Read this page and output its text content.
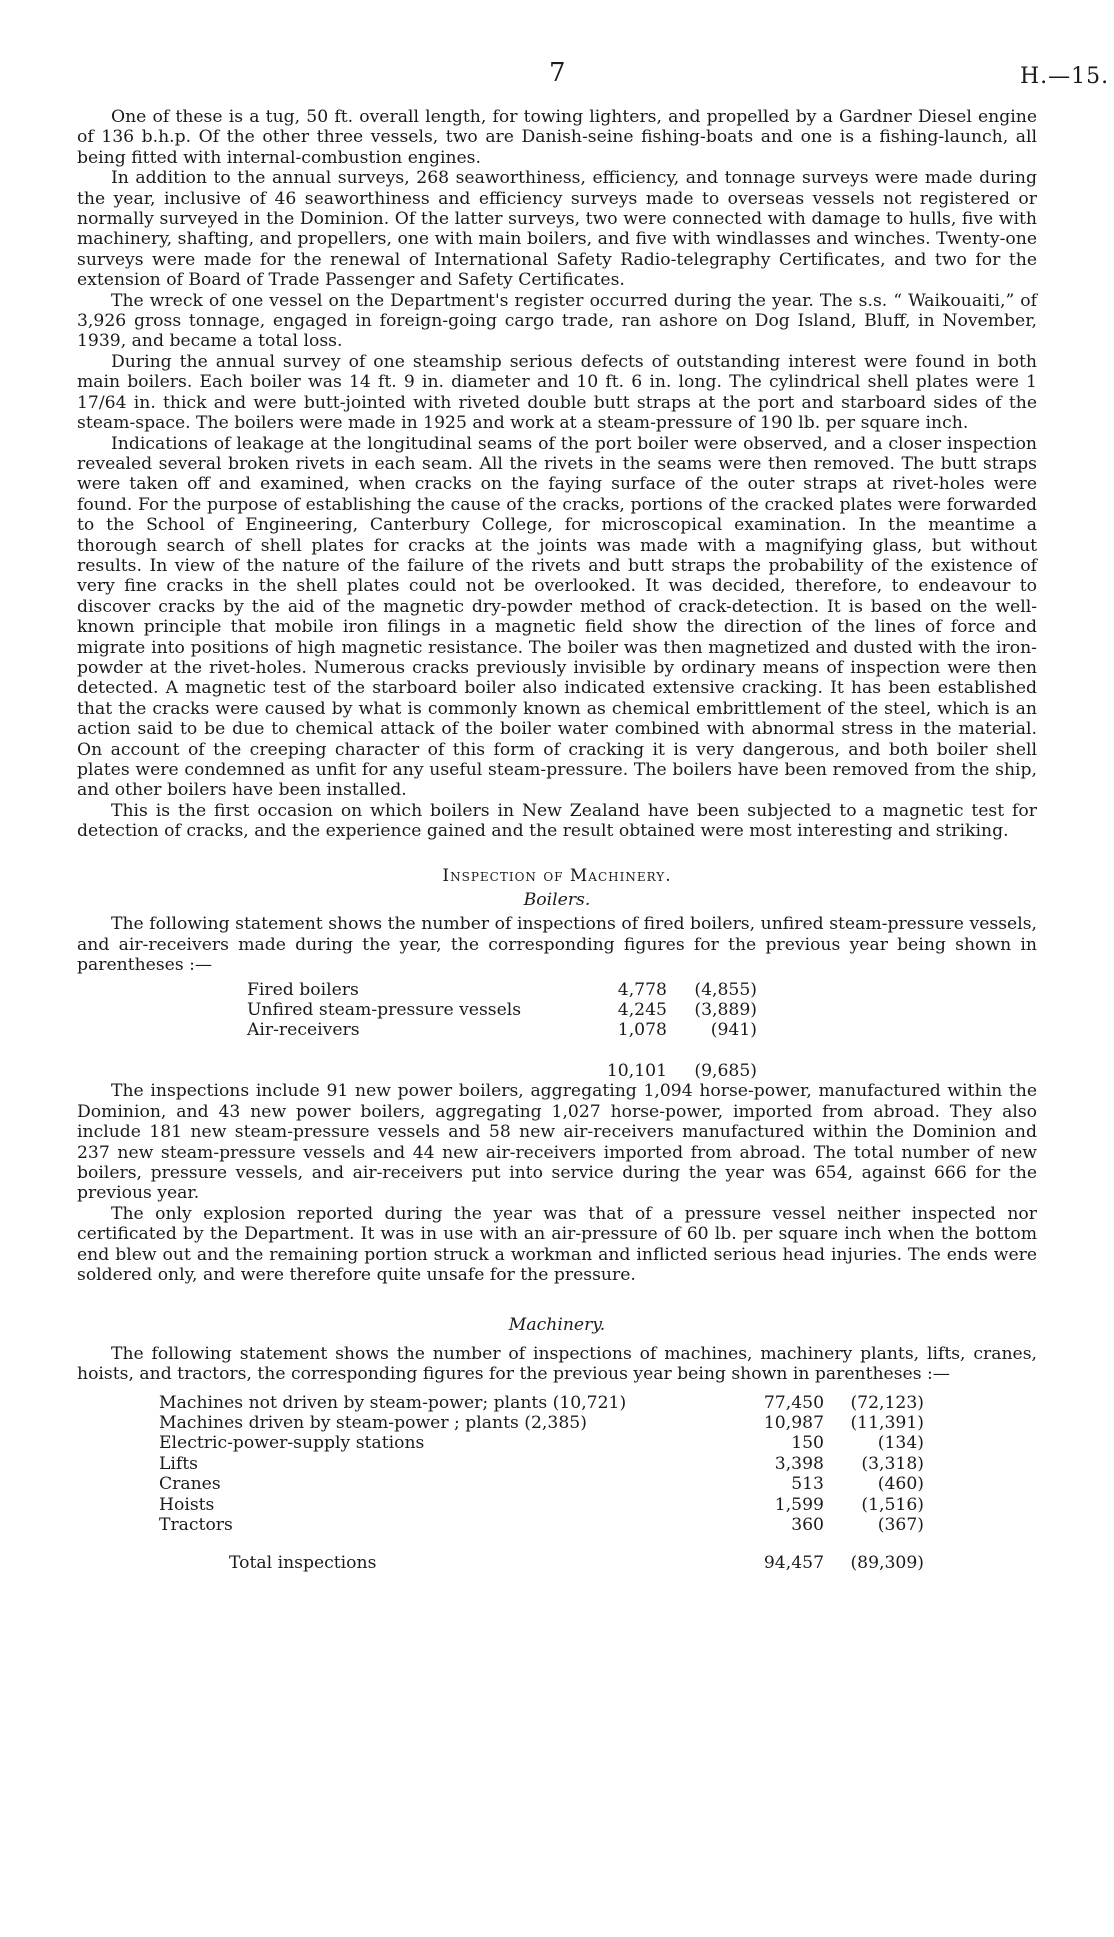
7	H.—15.

One of these is a tug, 50 ft. overall length, for towing lighters, and propelled by a Gardner Diesel engine of 136 b.h.p. Of the other three vessels, two are Danish-seine fishing-boats and one is a fishing-launch, all being fitted with internal-combustion engines.

In addition to the annual surveys, 268 seaworthiness, efficiency, and tonnage surveys were made during the year, inclusive of 46 seaworthiness and efficiency surveys made to overseas vessels not registered or normally surveyed in the Dominion. Of the latter surveys, two were connected with damage to hulls, five with machinery, shafting, and propellers, one with main boilers, and five with windlasses and winches. Twenty-one surveys were made for the renewal of International Safety Radio-telegraphy Certificates, and two for the extension of Board of Trade Passenger and Safety Certificates.

The wreck of one vessel on the Department's register occurred during the year. The s.s. “ Waikouaiti,” of 3,926 gross tonnage, engaged in foreign-going cargo trade, ran ashore on Dog Island, Bluff, in November, 1939, and became a total loss.

During the annual survey of one steamship serious defects of outstanding interest were found in both main boilers. Each boiler was 14 ft. 9 in. diameter and 10 ft. 6 in. long. The cylindrical shell plates were 1 17/64 in. thick and were butt-jointed with riveted double butt straps at the port and starboard sides of the steam-space. The boilers were made in 1925 and work at a steam-pressure of 190 lb. per square inch.

Indications of leakage at the longitudinal seams of the port boiler were observed, and a closer inspection revealed several broken rivets in each seam. All the rivets in the seams were then removed. The butt straps were taken off and examined, when cracks on the faying surface of the outer straps at rivet-holes were found. For the purpose of establishing the cause of the cracks, portions of the cracked plates were forwarded to the School of Engineering, Canterbury College, for microscopical examination. In the meantime a thorough search of shell plates for cracks at the joints was made with a magnifying glass, but without results. In view of the nature of the failure of the rivets and butt straps the probability of the existence of very fine cracks in the shell plates could not be overlooked. It was decided, therefore, to endeavour to discover cracks by the aid of the magnetic dry-powder method of crack-detection. It is based on the well-known principle that mobile iron filings in a magnetic field show the direction of the lines of force and migrate into positions of high magnetic resistance. The boiler was then magnetized and dusted with the iron-powder at the rivet-holes. Numerous cracks previously invisible by ordinary means of inspection were then detected. A magnetic test of the starboard boiler also indicated extensive cracking. It has been established that the cracks were caused by what is commonly known as chemical embrittlement of the steel, which is an action said to be due to chemical attack of the boiler water combined with abnormal stress in the material. On account of the creeping character of this form of cracking it is very dangerous, and both boiler shell plates were condemned as unfit for any useful steam-pressure. The boilers have been removed from the ship, and other boilers have been installed.

This is the first occasion on which boilers in New Zealand have been subjected to a magnetic test for detection of cracks, and the experience gained and the result obtained were most interesting and striking.

Inspection of Machinery.
Boilers.

The following statement shows the number of inspections of fired boilers, unfired steam-pressure vessels, and air-receivers made during the year, the corresponding figures for the previous year being shown in parentheses :—

Fired boilers	4,778	(4,855)
Unfired steam-pressure vessels	4,245	(3,889)
Air-receivers	1,078	(941)
	10,101	(9,685)

The inspections include 91 new power boilers, aggregating 1,094 horse-power, manufactured within the Dominion, and 43 new power boilers, aggregating 1,027 horse-power, imported from abroad. They also include 181 new steam-pressure vessels and 58 new air-receivers manufactured within the Dominion and 237 new steam-pressure vessels and 44 new air-receivers imported from abroad. The total number of new boilers, pressure vessels, and air-receivers put into service during the year was 654, against 666 for the previous year.

The only explosion reported during the year was that of a pressure vessel neither inspected nor certificated by the Department. It was in use with an air-pressure of 60 lb. per square inch when the bottom end blew out and the remaining portion struck a workman and inflicted serious head injuries. The ends were soldered only, and were therefore quite unsafe for the pressure.

Machinery.

The following statement shows the number of inspections of machines, machinery plants, lifts, cranes, hoists, and tractors, the corresponding figures for the previous year being shown in parentheses :—

Machines not driven by steam-power; plants (10,721)	77,450	(72,123)
Machines driven by steam-power ; plants (2,385)	10,987	(11,391)
Electric-power-supply stations	150	(134)
Lifts	3,398	(3,318)
Cranes	513	(460)
Hoists	1,599	(1,516)
Tractors	360	(367)
Total inspections	94,457	(89,309)
